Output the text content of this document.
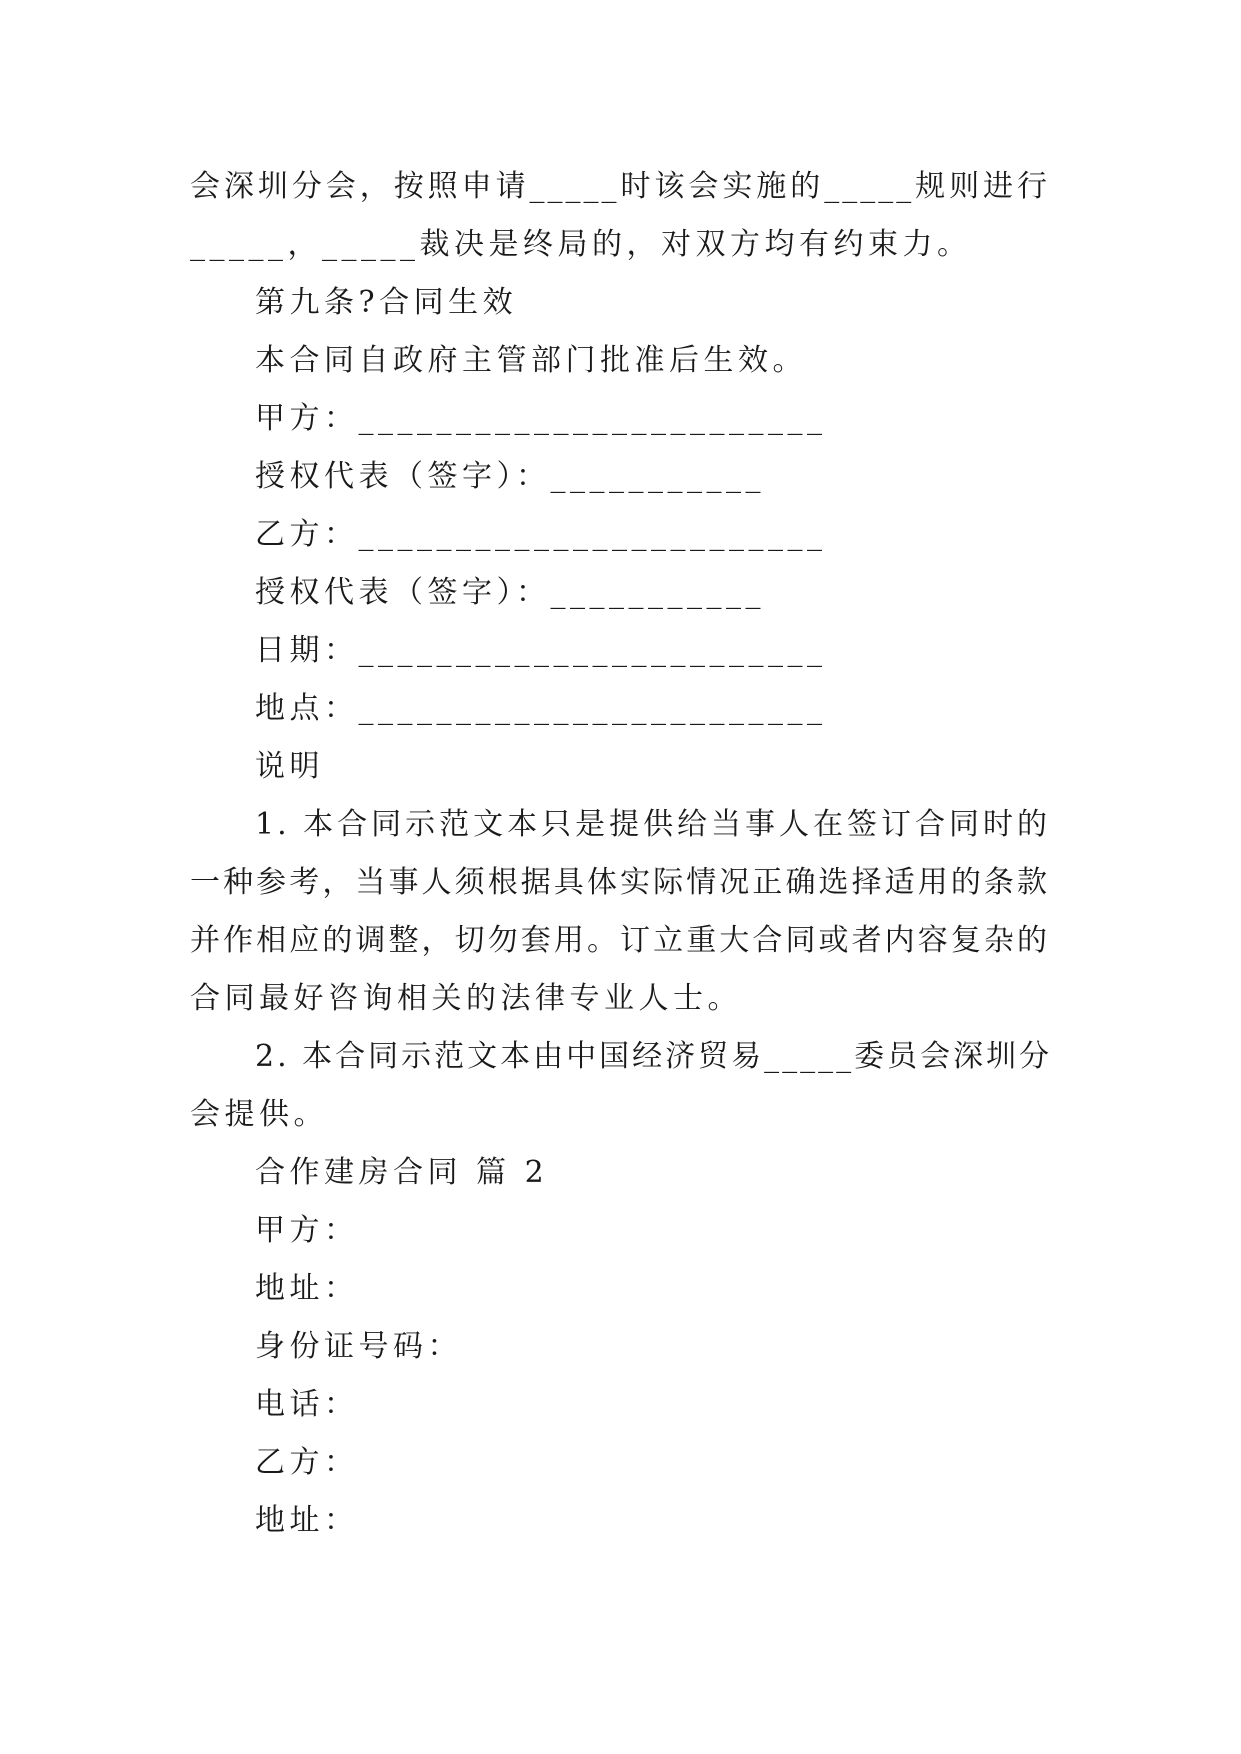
会深圳分会，按照申请_____时该会实施的_____规则进行
_____，_____裁决是终局的，对双方均有约束力。
第九条?合同生效
本合同自政府主管部门批准后生效。
甲方：________________________
授权代表（签字）：___________
乙方：________________________
授权代表（签字）：___________
日期：________________________
地点：________________________
说明
1. 本合同示范文本只是提供给当事人在签订合同时的
一种参考，当事人须根据具体实际情况正确选择适用的条款
并作相应的调整，切勿套用。订立重大合同或者内容复杂的
合同最好咨询相关的法律专业人士。
2. 本合同示范文本由中国经济贸易_____委员会深圳分
会提供。
合作建房合同 篇 2
甲方：
地址：
身份证号码：
电话：
乙方：
地址：
